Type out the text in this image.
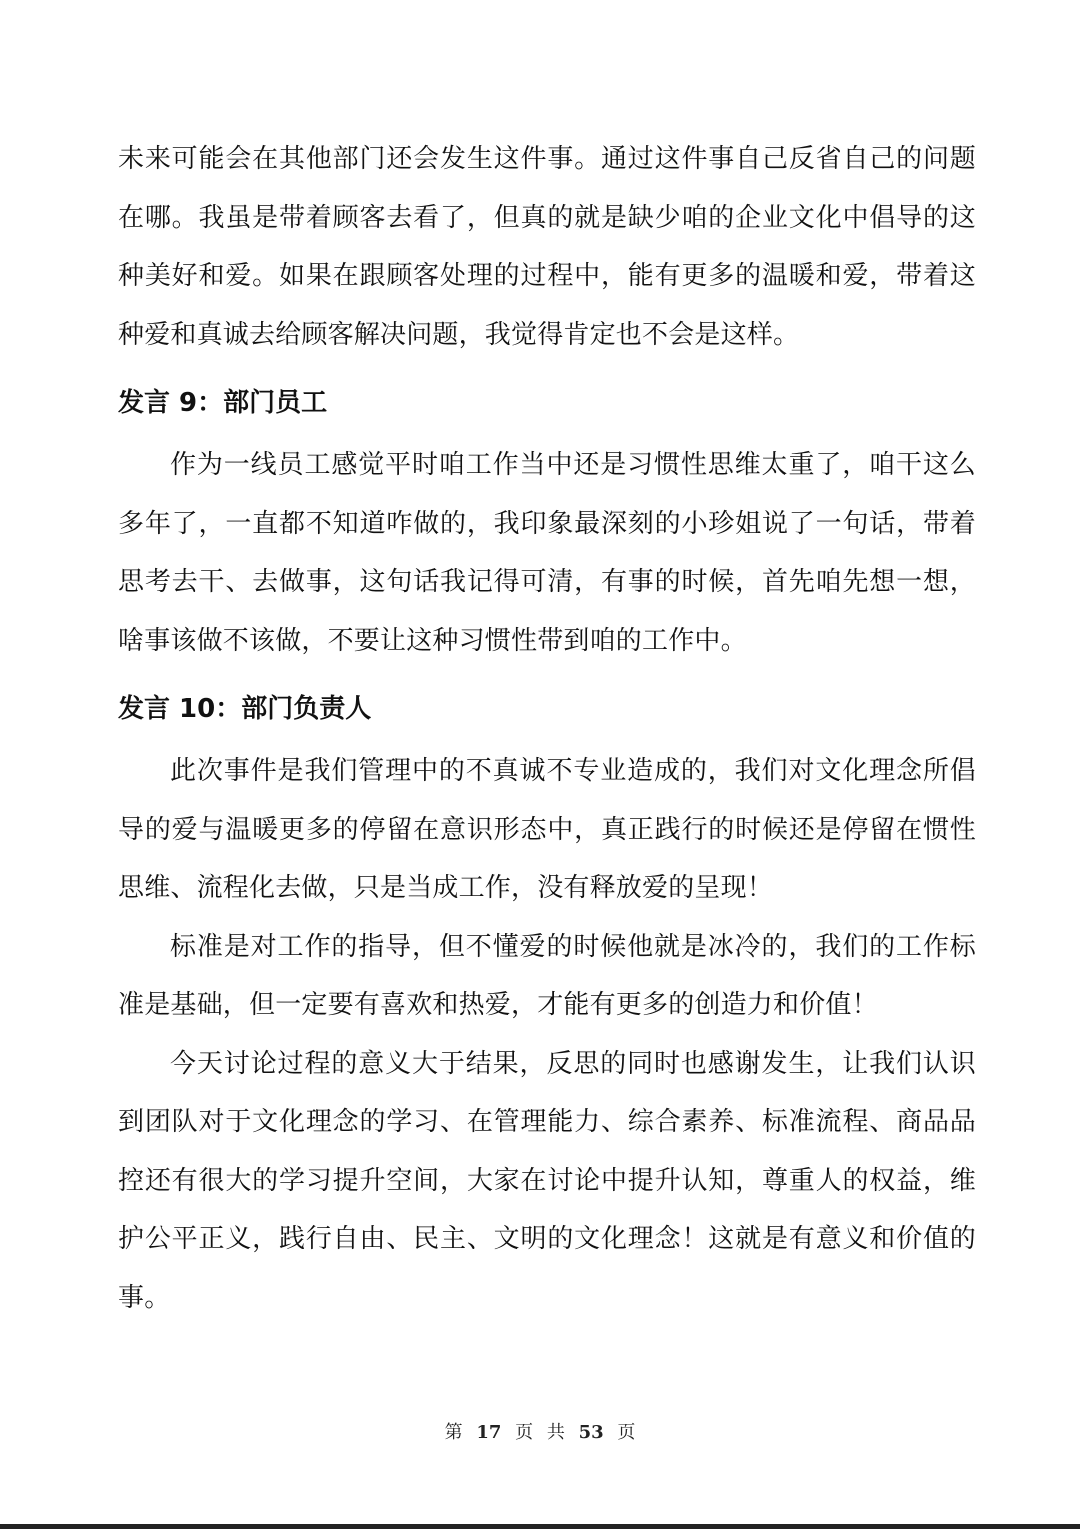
未来可能会在其他部门还会发生这件事。通过这件事自己反省自己的问题在哪。我虽是带着顾客去看了，但真的就是缺少咱的企业文化中倡导的这种美好和爱。如果在跟顾客处理的过程中，能有更多的温暖和爱，带着这种爱和真诚去给顾客解决问题，我觉得肯定也不会是这样。

发言 9：部门员工

作为一线员工感觉平时咱工作当中还是习惯性思维太重了，咱干这么多年了，一直都不知道咋做的，我印象最深刻的小珍姐说了一句话，带着思考去干、去做事，这句话我记得可清，有事的时候，首先咱先想一想，啥事该做不该做，不要让这种习惯性带到咱的工作中。

发言 10：部门负责人

此次事件是我们管理中的不真诚不专业造成的，我们对文化理念所倡导的爱与温暖更多的停留在意识形态中，真正践行的时候还是停留在惯性思维、流程化去做，只是当成工作，没有释放爱的呈现！

标准是对工作的指导，但不懂爱的时候他就是冰冷的，我们的工作标准是基础，但一定要有喜欢和热爱，才能有更多的创造力和价值！

今天讨论过程的意义大于结果，反思的同时也感谢发生，让我们认识到团队对于文化理念的学习、在管理能力、综合素养、标准流程、商品品控还有很大的学习提升空间，大家在讨论中提升认知，尊重人的权益，维护公平正义，践行自由、民主、文明的文化理念！这就是有意义和价值的事。

第 17 页 共 53 页
